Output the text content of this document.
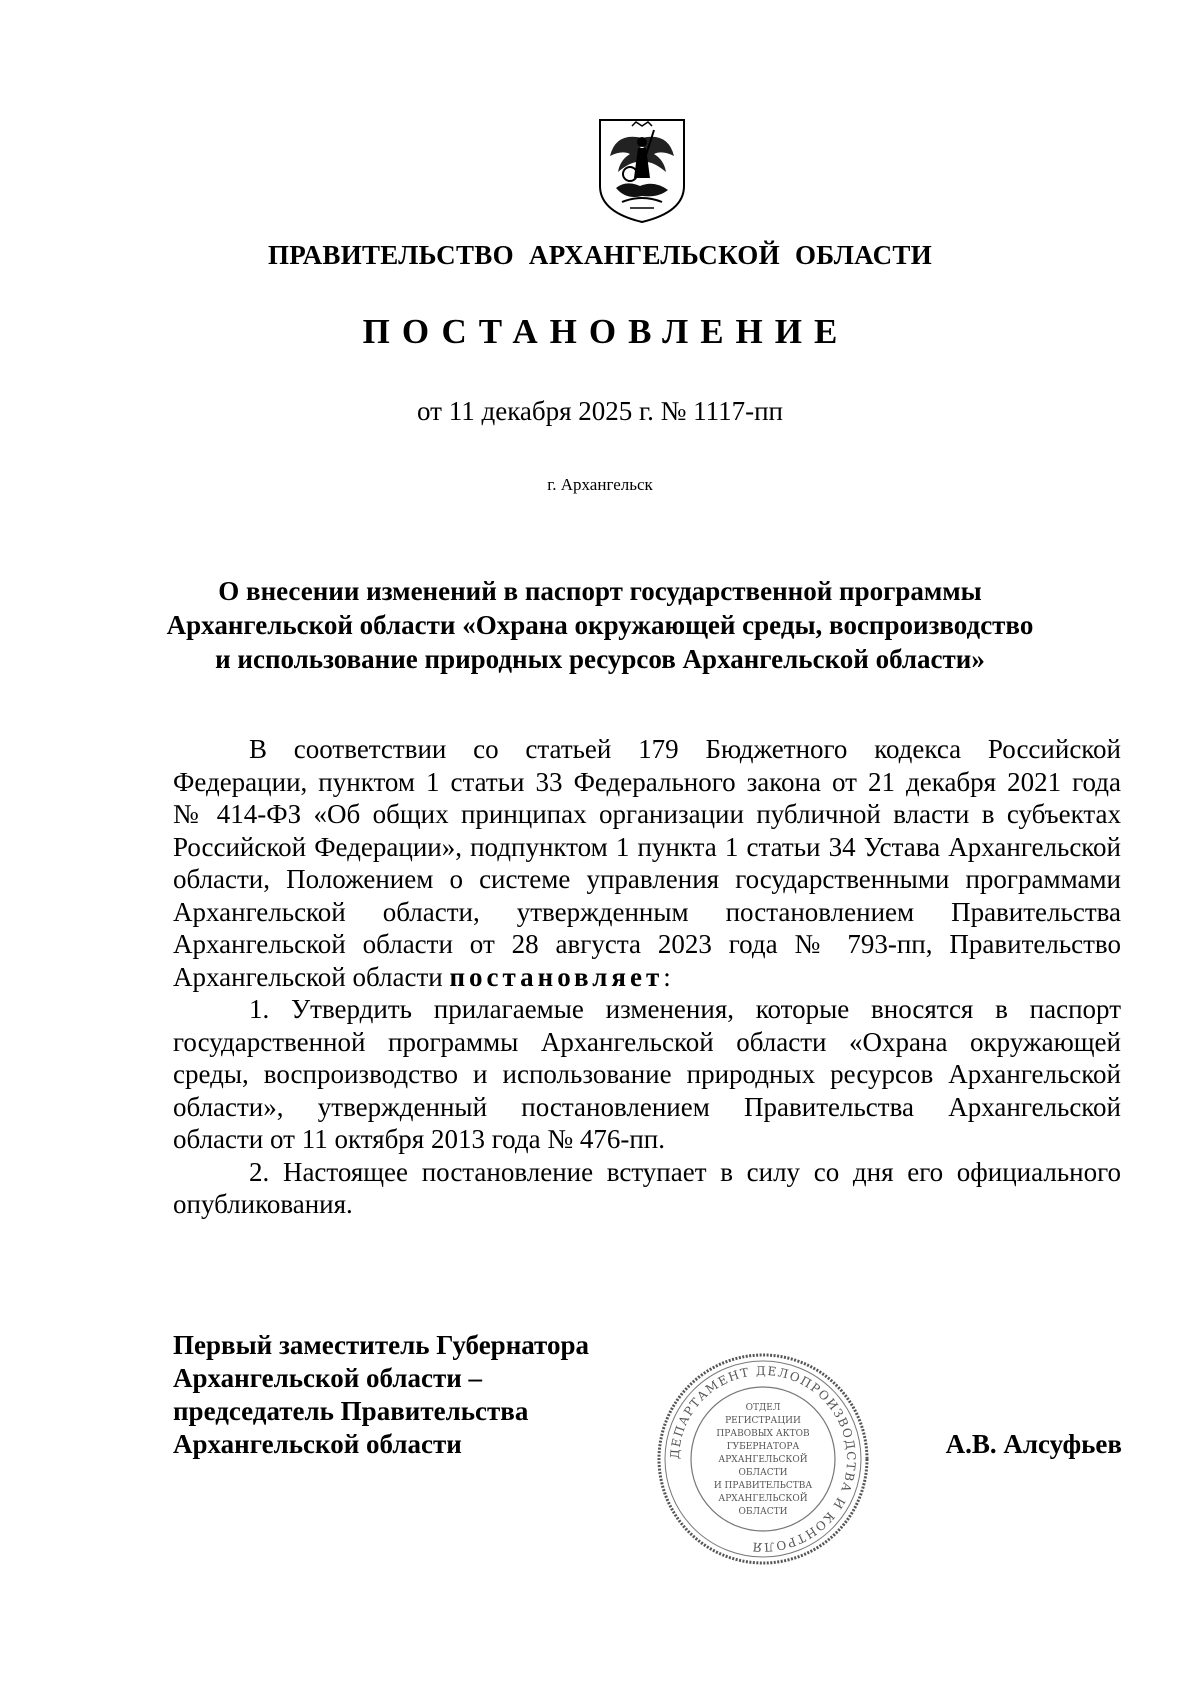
ПРАВИТЕЛЬСТВО АРХАНГЕЛЬСКОЙ ОБЛАСТИ
ПОСТАНОВЛЕНИЕ
от 11 декабря 2025 г. № 1117-пп
г. Архангельск
О внесении изменений в паспорт государственной программы
Архангельской области «Охрана окружающей среды, воспроизводство
и использование природных ресурсов Архангельской области»
В соответствии со статьей 179 Бюджетного кодекса Российской
Федерации, пунктом 1 статьи 33 Федерального закона от 21 декабря 2021 года
№ 414-ФЗ «Об общих принципах организации публичной власти в субъектах
Российской Федерации», подпунктом 1 пункта 1 статьи 34 Устава Архангельской
области, Положением о системе управления государственными программами
Архангельской области, утвержденным постановлением Правительства
Архангельской области от 28 августа 2023 года № 793-пп, Правительство
Архангельской области постановляет:
1. Утвердить прилагаемые изменения, которые вносятся в паспорт
государственной программы Архангельской области «Охрана окружающей
среды, воспроизводство и использование природных ресурсов Архангельской
области», утвержденный постановлением Правительства Архангельской
области от 11 октября 2013 года № 476-пп.
2. Настоящее постановление вступает в силу со дня его официального
опубликования.
Первый заместитель Губернатора
Архангельской области –
председатель Правительства
Архангельской области	ДЕПАРТАМЕНТ ДЕЛОПРОИЗВОДСТВА И КОНТРОЛЯ
ОТДЕЛ
РЕГИСТРАЦИИ
ПРАВОВЫХ АКТОВ
ГУБЕРНАТОРА
АРХАНГЕЛЬСКОЙ
ОБЛАСТИ
И ПРАВИТЕЛЬСТВА
АРХАНГЕЛЬСКОЙ
ОБЛАСТИ
А.В. Алсуфьев
